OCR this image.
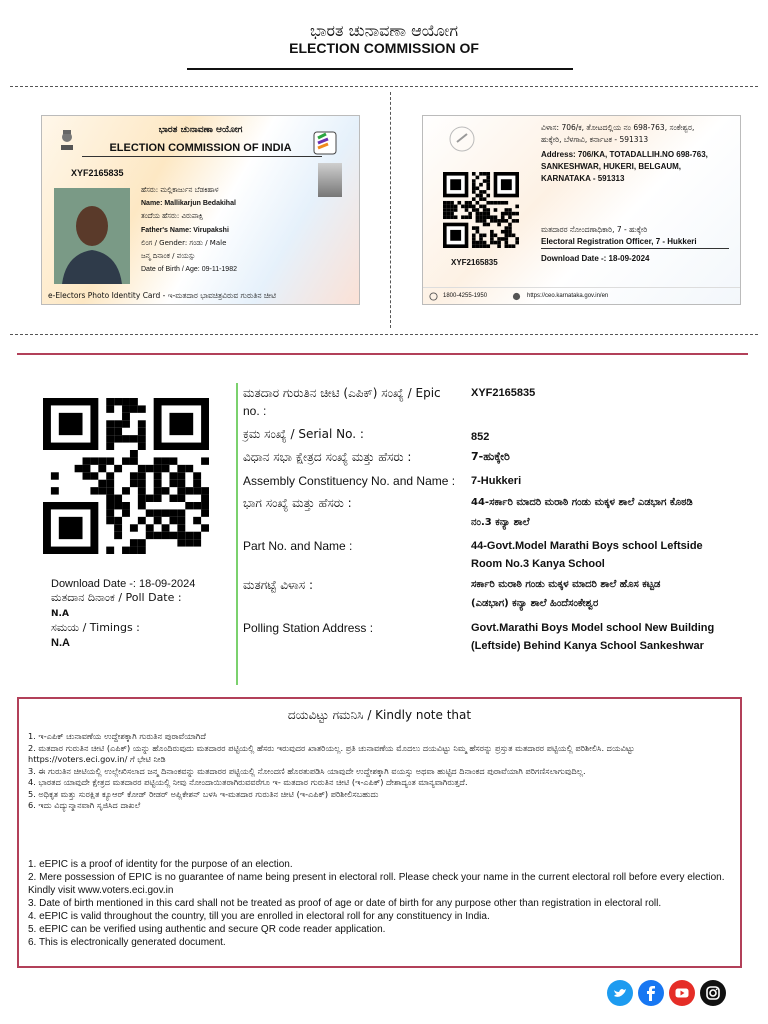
ಭಾರತ ಚುನಾವಣಾ ಆಯೋಗ
ELECTION COMMISSION OF
ಭಾರತ ಚುನಾವಣಾ ಆಯೋಗ
ELECTION COMMISSION OF INDIA
XYF2165835
ಹೆಸರು: ಮಲ್ಲಿಕಾರ್ಜುನ ಬೆಡಕಿಹಾಳ
Name: Mallikarjun Bedakihal
ತಂದೆಯ ಹೆಸರು: ವಿರುಪಾಕ್ಷಿ
Father's Name: Virupakshi
ಲಿಂಗ / Gender: ಗಂಡು / Male
ಜನ್ಮ ದಿನಾಂಕ / ವಯಸ್ಸು
Date of Birth / Age: 09-11-1982
e-Electors Photo Identity Card - ಇ-ಮತದಾರ ಭಾವಚಿತ್ರವಿರುವ ಗುರುತಿನ ಚೀಟಿ
ವಿಳಾಸ: 706/ಕ, ತೋಟದಲ್ಲಿಯ ನಂ 698-763, ಸಂಕೇಶ್ವರ,
ಹುಕ್ಕೇರಿ, ಬೆಳಗಾವಿ, ಕರ್ನಾಟಕ - 591313
Address: 706/KA, TOTADALLIH.NO 698-763,
SANKESHWAR, HUKERI, BELGAUM,
KARNATAKA - 591313
XYF2165835
ಮತದಾರರ ನೋಂದಣಾಧಿಕಾರಿ, 7 - ಹುಕ್ಕೇರಿ
Electoral Registration Officer, 7 - Hukkeri
Download Date -: 18-09-2024
1800-4255-1950	https://ceo.karnataka.gov.in/en
Download Date -: 18-09-2024
ಮತದಾನ ದಿನಾಂಕ / Poll Date :
N.A
ಸಮಯ / Timings :
N.A
ಮತದಾರ ಗುರುತಿನ ಚೀಟಿ (ಎಪಿಕ್) ಸಂಖ್ಯೆ / Epic
no. :
XYF2165835
ಕ್ರಮ ಸಂಖ್ಯೆ / Serial No. :	852
ವಿಧಾನ ಸಭಾ ಕ್ಷೇತ್ರದ ಸಂಖ್ಯೆ ಮತ್ತು ಹೆಸರು :	7-ಹುಕ್ಕೇರಿ
Assembly Constituency No. and Name : 7-Hukkeri
ಭಾಗ ಸಂಖ್ಯೆ ಮತ್ತು ಹೆಸರು :	44-ಸರ್ಕಾರಿ ಮಾದರಿ ಮರಾಠಿ ಗಂಡು ಮಕ್ಕಳ ಶಾಲೆ ಎಡಭಾಗ ಕೊಠಡಿ
ನಂ.3 ಕನ್ಯಾ ಶಾಲೆ
Part No. and Name :	44-Govt.Model Marathi Boys school Leftside
Room No.3 Kanya School
ಮತಗಟ್ಟೆ ವಿಳಾಸ :	ಸರ್ಕಾರಿ ಮರಾಠಿ ಗಂಡು ಮಕ್ಕಳ ಮಾದರಿ ಶಾಲೆ ಹೊಸ ಕಟ್ಟಡ
(ಎಡಭಾಗ) ಕನ್ಯಾ ಶಾಲೆ ಹಿಂದೆಸಂಕೇಶ್ವರ
Polling Station Address :	Govt.Marathi Boys Model school New Building
(Leftside) Behind Kanya School Sankeshwar
ದಯವಿಟ್ಟು ಗಮನಿಸಿ / Kindly note that
1. ಇ-ಎಪಿಕ್ ಚುನಾವಣೆಯ ಉದ್ದೇಶಕ್ಕಾಗಿ ಗುರುತಿನ ಪುರಾವೆಯಾಗಿದೆ
2. ಮತದಾರ ಗುರುತಿನ ಚೀಟಿ (ಎಪಿಕ್) ಯನ್ನು ಹೊಂದಿರುವುದು ಮತದಾರರ ಪಟ್ಟಿಯಲ್ಲಿ ಹೆಸರು ಇರುವುದರ ಖಾತರಿಯಲ್ಲ. ಪ್ರತಿ ಚುನಾವಣೆಯ ಮೊದಲು ದಯವಿಟ್ಟು ನಿಮ್ಮ ಹೆಸರನ್ನು ಪ್ರಸ್ತುತ ಮತದಾರರ ಪಟ್ಟಿಯಲ್ಲಿ ಪರಿಶೀಲಿಸಿ. ದಯವಿಟ್ಟು https://voters.eci.gov.in/ ಗೆ ಭೇಟಿ ನೀಡಿ
3. ಈ ಗುರುತಿನ ಚೀಟಿಯಲ್ಲಿ ಉಲ್ಲೇಖಿಸಲಾದ ಜನ್ಮ ದಿನಾಂಕವನ್ನು ಮತದಾರರ ಪಟ್ಟಿಯಲ್ಲಿ ನೋಂದಣಿ ಹೊರತುಪಡಿಸಿ ಯಾವುದೇ ಉದ್ದೇಶಕ್ಕಾಗಿ ವಯಸ್ಸು ಅಥವಾ ಹುಟ್ಟಿದ ದಿನಾಂಕದ ಪುರಾವೆಯಾಗಿ ಪರಿಗಣಿಸಲಾಗುವುದಿಲ್ಲ.
4. ಭಾರತದ ಯಾವುದೇ ಕ್ಷೇತ್ರದ ಮತದಾರರ ಪಟ್ಟಿಯಲ್ಲಿ ನೀವು ನೋಂದಾಯಿತರಾಗಿರುವವರೆಗೂ ಇ- ಮತದಾರ ಗುರುತಿನ ಚೀಟಿ (ಇ-ಎಪಿಕ್) ದೇಶಾದ್ಯಂತ ಮಾನ್ಯವಾಗಿರುತ್ತದೆ.
5. ಅಧಿಕೃತ ಮತ್ತು ಸುರಕ್ಷಿತ ಕ್ಯೂಆರ್ ಕೋಡ್ ರೀಡರ್ ಅಪ್ಲಿಕೇಶನ್ ಬಳಸಿ ಇ-ಮತದಾರ ಗುರುತಿನ ಚೀಟಿ (ಇ-ಎಪಿಕ್) ಪರಿಶೀಲಿಸಬಹುದು
6. ಇದು ವಿದ್ಯುನ್ಮಾನವಾಗಿ ಸೃಜಿಸಿದ ದಾಖಲೆ
1. eEPIC is a proof of identity for the purpose of an election.
2. Mere possession of EPIC is no guarantee of name being present in electoral roll. Please check your name in the current electoral roll before every election. Kindly visit www.voters.eci.gov.in
3. Date of birth mentioned in this card shall not be treated as proof of age or date of birth for any purpose other than registration in electoral roll.
4. eEPIC is valid throughout the country, till you are enrolled in electoral roll for any constituency in India.
5. eEPIC can be verified using authentic and secure QR code reader application.
6. This is electronically generated document.
